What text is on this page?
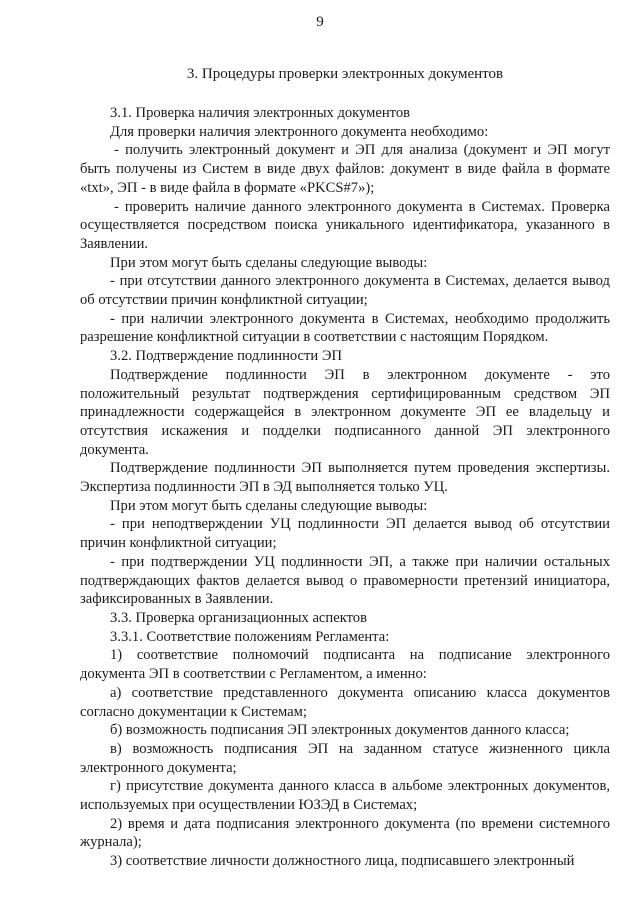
9
3. Процедуры проверки электронных документов

3.1. Проверка наличия электронных документов

Для проверки наличия электронного документа необходимо:

- получить электронный документ и ЭП для анализа (документ и ЭП могут быть получены из Систем в виде двух файлов: документ в виде файла в формате «txt», ЭП - в виде файла в формате «PKCS#7»);

- проверить наличие данного электронного документа в Системах. Проверка осуществляется посредством поиска уникального идентификатора, указанного в Заявлении.

При этом могут быть сделаны следующие выводы:

- при отсутствии данного электронного документа в Системах, делается вывод об отсутствии причин конфликтной ситуации;

- при наличии электронного документа в Системах, необходимо продолжить разрешение конфликтной ситуации в соответствии с настоящим Порядком.

3.2. Подтверждение подлинности ЭП

Подтверждение подлинности ЭП в электронном документе - это положительный результат подтверждения сертифицированным средством ЭП принадлежности содержащейся в электронном документе ЭП ее владельцу и отсутствия искажения и подделки подписанного данной ЭП электронного документа.

Подтверждение подлинности ЭП выполняется путем проведения экспертизы. Экспертиза подлинности ЭП в ЭД выполняется только УЦ.

При этом могут быть сделаны следующие выводы:

- при неподтверждении УЦ подлинности ЭП делается вывод об отсутствии причин конфликтной ситуации;

- при подтверждении УЦ подлинности ЭП, а также при наличии остальных подтверждающих фактов делается вывод о правомерности претензий инициатора, зафиксированных в Заявлении.

3.3. Проверка организационных аспектов

3.3.1. Соответствие положениям Регламента:

1) соответствие полномочий подписанта на подписание электронного документа ЭП в соответствии с Регламентом, а именно:

а) соответствие представленного документа описанию класса документов согласно документации к Системам;

б) возможность подписания ЭП электронных документов данного класса;

в) возможность подписания ЭП на заданном статусе жизненного цикла электронного документа;

г) присутствие документа данного класса в альбоме электронных документов, используемых при осуществлении ЮЗЭД в Системах;

2) время и дата подписания электронного документа (по времени системного журнала);

3) соответствие личности должностного лица, подписавшего электронный
